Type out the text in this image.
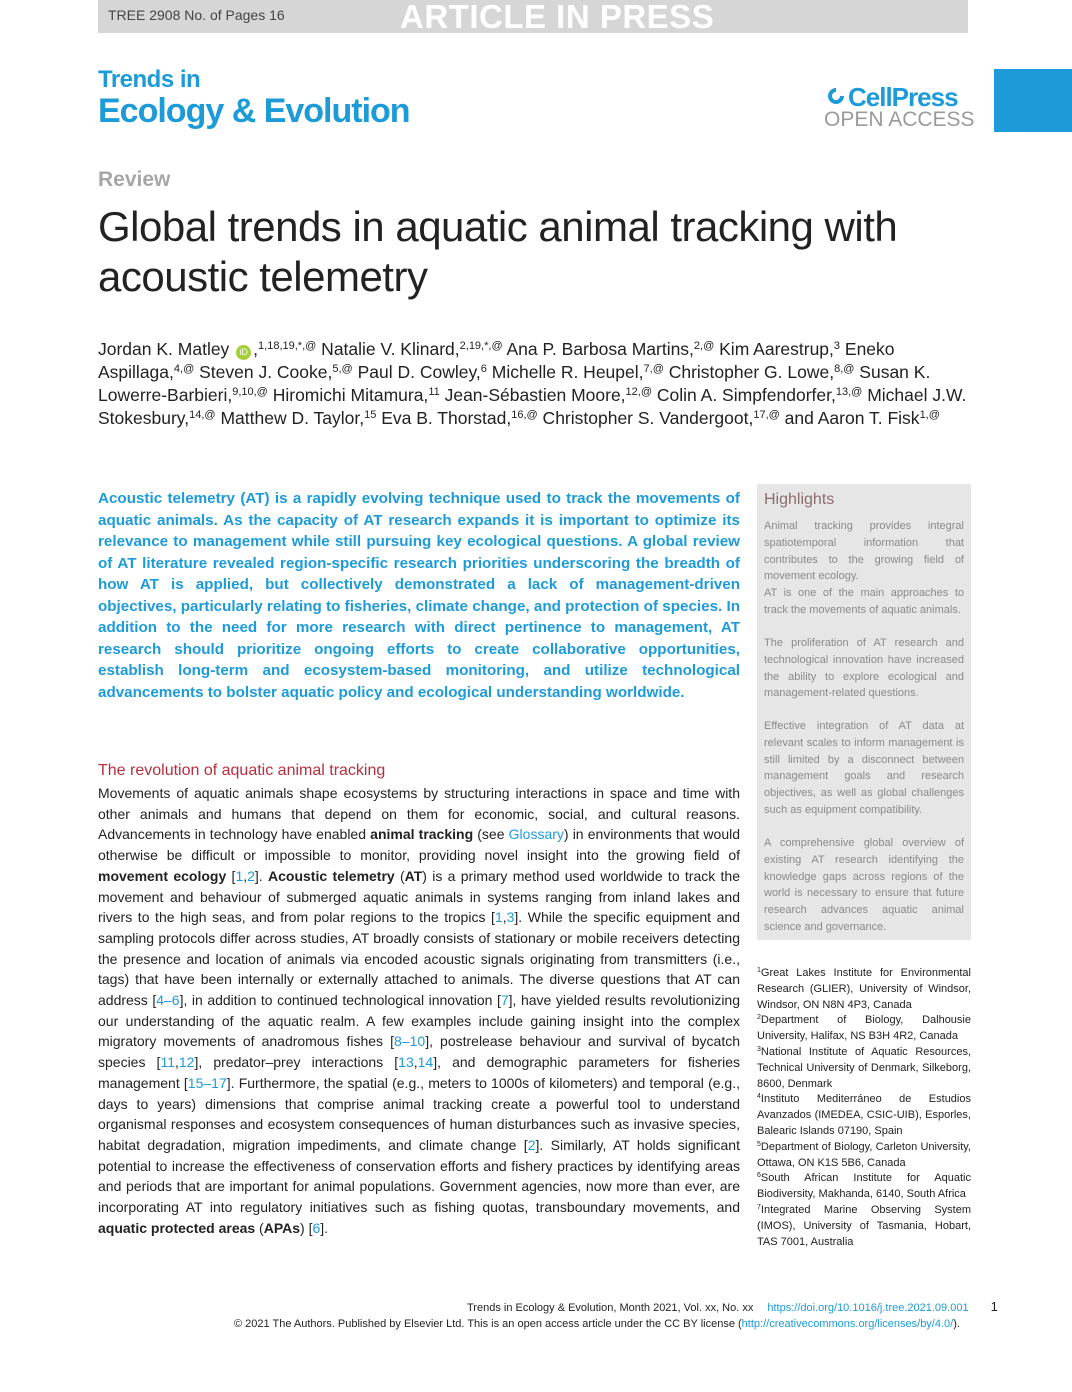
TREE 2908 No. of Pages 16	ARTICLE IN PRESS
Trends in
Ecology & Evolution	CellPress
OPEN ACCESS
Review
Global trends in aquatic animal tracking with acoustic telemetry
Jordan K. Matley iD ,$^{1,18,19,*,@}$ Natalie V. Klinard,$^{2,19,*,@}$ Ana P. Barbosa Martins,$^{2,@}$ Kim Aarestrup,$^3$ Eneko Aspillaga,$^{4,@}$ Steven J. Cooke,$^{5,@}$ Paul D. Cowley,$^6$ Michelle R. Heupel,$^{7,@}$ Christopher G. Lowe,$^{8,@}$ Susan K. Lowerre-Barbieri,$^{9,10,@}$ Hiromichi Mitamura,$^{11}$ Jean-Sébastien Moore,$^{12,@}$ Colin A. Simpfendorfer,$^{13,@}$ Michael J.W. Stokesbury,$^{14,@}$ Matthew D. Taylor,$^{15}$ Eva B. Thorstad,$^{16,@}$ Christopher S. Vandergoot,$^{17,@}$ and Aaron T. Fisk$^{1,@}$

Acoustic telemetry (AT) is a rapidly evolving technique used to track the movements of aquatic animals. As the capacity of AT research expands it is important to optimize its relevance to management while still pursuing key ecological questions. A global review of AT literature revealed region-specific research priorities underscoring the breadth of how AT is applied, but collectively demonstrated a lack of management-driven objectives, particularly relating to fisheries, climate change, and protection of species. In addition to the need for more research with direct pertinence to management, AT research should prioritize ongoing efforts to create collaborative opportunities, establish long-term and ecosystem-based monitoring, and utilize technological advancements to bolster aquatic policy and ecological understanding worldwide.

Highlights

Animal tracking provides integral spatiotemporal information that contributes to the growing field of movement ecology.

AT is one of the main approaches to track the movements of aquatic animals.

The proliferation of AT research and technological innovation have increased the ability to explore ecological and management-related questions.

Effective integration of AT data at relevant scales to inform management is still limited by a disconnect between management goals and research objectives, as well as global challenges such as equipment compatibility.

A comprehensive global overview of existing AT research identifying the knowledge gaps across regions of the world is necessary to ensure that future research advances aquatic animal science and governance.

The revolution of aquatic animal tracking

Movements of aquatic animals shape ecosystems by structuring interactions in space and time with other animals and humans that depend on them for economic, social, and cultural reasons. Advancements in technology have enabled animal tracking (see Glossary) in environments that would otherwise be difficult or impossible to monitor, providing novel insight into the growing field of movement ecology [1,2]. Acoustic telemetry (AT) is a primary method used worldwide to track the movement and behaviour of submerged aquatic animals in systems ranging from inland lakes and rivers to the high seas, and from polar regions to the tropics [1,3]. While the specific equipment and sampling protocols differ across studies, AT broadly consists of stationary or mobile receivers detecting the presence and location of animals via encoded acoustic signals originating from transmitters (i.e., tags) that have been internally or externally attached to animals. The diverse questions that AT can address [4–6], in addition to continued technological innovation [7], have yielded results revolutionizing our understanding of the aquatic realm. A few examples include gaining insight into the complex migratory movements of anadromous fishes [8–10], postrelease behaviour and survival of bycatch species [11,12], predator–prey interactions [13,14], and demographic parameters for fisheries management [15–17]. Furthermore, the spatial (e.g., meters to 1000s of kilometers) and temporal (e.g., days to years) dimensions that comprise animal tracking create a powerful tool to understand organismal responses and ecosystem consequences of human disturbances such as invasive species, habitat degradation, migration impediments, and climate change [2]. Similarly, AT holds significant potential to increase the effectiveness of conservation efforts and fishery practices by identifying areas and periods that are important for animal populations. Government agencies, now more than ever, are incorporating AT into regulatory initiatives such as fishing quotas, transboundary movements, and aquatic protected areas (APAs) [6].

$^1$Great Lakes Institute for Environmental Research (GLIER), University of Windsor, Windsor, ON N8N 4P3, Canada

$^2$Department of Biology, Dalhousie University, Halifax, NS B3H 4R2, Canada

$^3$National Institute of Aquatic Resources, Technical University of Denmark, Silkeborg, 8600, Denmark

$^4$Instituto Mediterráneo de Estudios Avanzados (IMEDEA, CSIC-UIB), Esporles, Balearic Islands 07190, Spain

$^5$Department of Biology, Carleton University, Ottawa, ON K1S 5B6, Canada

$^6$South African Institute for Aquatic Biodiversity, Makhanda, 6140, South Africa

$^7$Integrated Marine Observing System (IMOS), University of Tasmania, Hobart, TAS 7001, Australia

Trends in Ecology & Evolution, Month 2021, Vol. xx, No. xx https://doi.org/10.1016/j.tree.2021.09.001 1
© 2021 The Authors. Published by Elsevier Ltd. This is an open access article under the CC BY license (http://creativecommons.org/licenses/by/4.0/).
